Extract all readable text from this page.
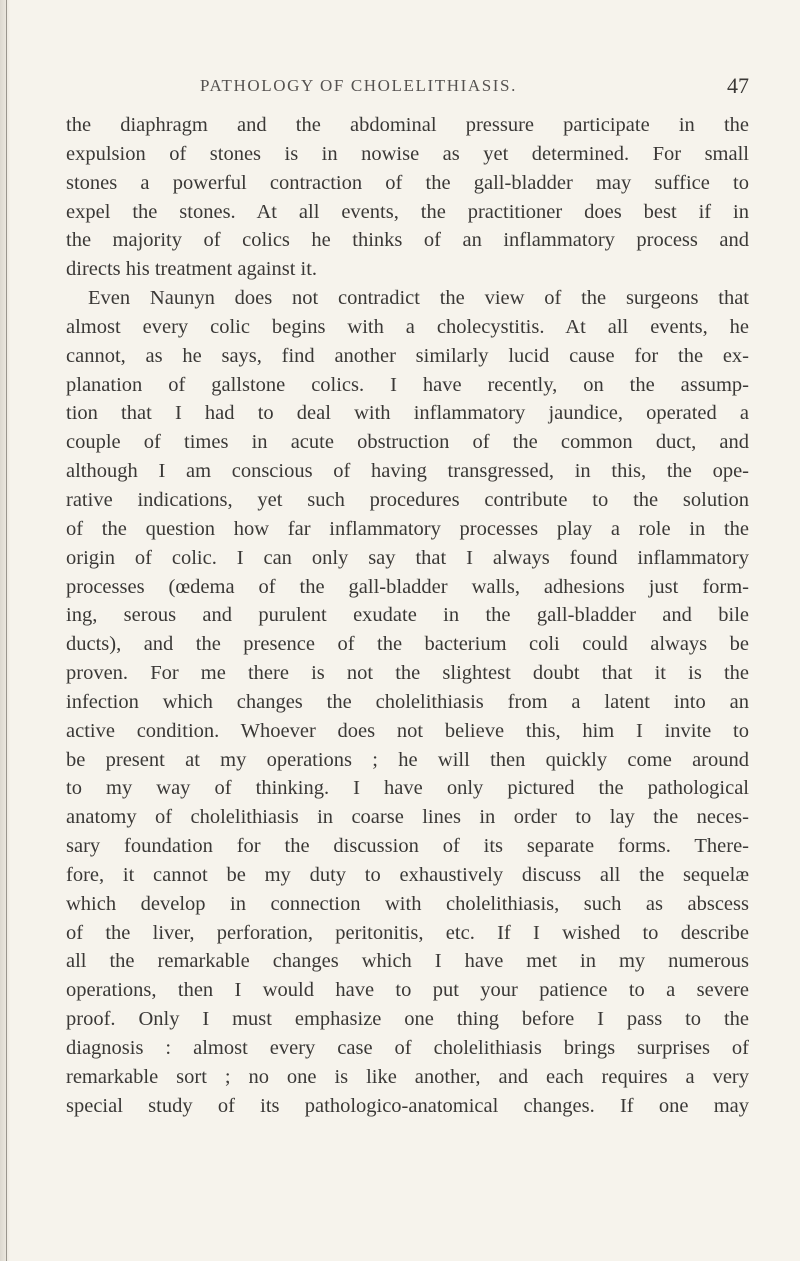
PATHOLOGY OF CHOLELITHIASIS.	47
the diaphragm and the abdominal pressure participate in the
expulsion of stones is in nowise as yet determined. For small
stones a powerful contraction of the gall-bladder may suffice to
expel the stones. At all events, the practitioner does best if in
the majority of colics he thinks of an inflammatory process and
directs his treatment against it.
Even Naunyn does not contradict the view of the surgeons that
almost every colic begins with a cholecystitis. At all events, he
cannot, as he says, find another similarly lucid cause for the ex-
planation of gallstone colics. I have recently, on the assump-
tion that I had to deal with inflammatory jaundice, operated a
couple of times in acute obstruction of the common duct, and
although I am conscious of having transgressed, in this, the ope-
rative indications, yet such procedures contribute to the solution
of the question how far inflammatory processes play a role in the
origin of colic. I can only say that I always found inflammatory
processes (œdema of the gall-bladder walls, adhesions just form-
ing, serous and purulent exudate in the gall-bladder and bile
ducts), and the presence of the bacterium coli could always be
proven. For me there is not the slightest doubt that it is the
infection which changes the cholelithiasis from a latent into an
active condition. Whoever does not believe this, him I invite to
be present at my operations ; he will then quickly come around
to my way of thinking. I have only pictured the pathological
anatomy of cholelithiasis in coarse lines in order to lay the neces-
sary foundation for the discussion of its separate forms. There-
fore, it cannot be my duty to exhaustively discuss all the sequelæ
which develop in connection with cholelithiasis, such as abscess
of the liver, perforation, peritonitis, etc. If I wished to describe
all the remarkable changes which I have met in my numerous
operations, then I would have to put your patience to a severe
proof. Only I must emphasize one thing before I pass to the
diagnosis : almost every case of cholelithiasis brings surprises of
remarkable sort ; no one is like another, and each requires a very
special study of its pathologico-anatomical changes. If one may
